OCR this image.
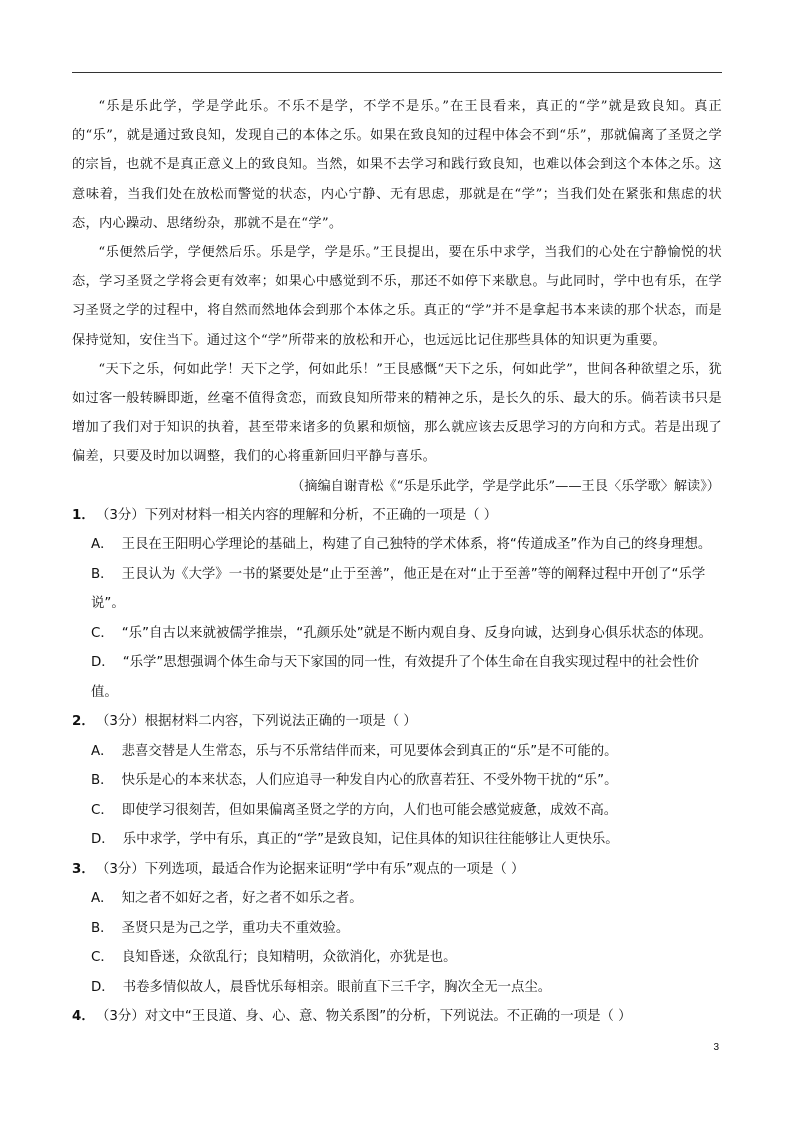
“乐是乐此学，学是学此乐。不乐不是学，不学不是乐。”在王艮看来，真正的“学”就是致良知。真正的“乐”，就是通过致良知，发现自己的本体之乐。如果在致良知的过程中体会不到“乐”，那就偏离了圣贤之学的宗旨，也就不是真正意义上的致良知。当然，如果不去学习和践行致良知，也难以体会到这个本体之乐。这意味着，当我们处在放松而警觉的状态，内心宁静、无有思虑，那就是在“学”；当我们处在紧张和焦虑的状态，内心躁动、思绪纷杂，那就不是在“学”。

“乐便然后学，学便然后乐。乐是学，学是乐。”王艮提出，要在乐中求学，当我们的心处在宁静愉悦的状态，学习圣贤之学将会更有效率；如果心中感觉到不乐，那还不如停下来歇息。与此同时，学中也有乐，在学习圣贤之学的过程中，将自然而然地体会到那个本体之乐。真正的“学”并不是拿起书本来读的那个状态，而是保持觉知，安住当下。通过这个“学”所带来的放松和开心，也远远比记住那些具体的知识更为重要。

“天下之乐，何如此学！天下之学，何如此乐！”王艮感慨“天下之乐，何如此学”，世间各种欲望之乐，犹如过客一般转瞬即逝，丝毫不值得贪恋，而致良知所带来的精神之乐，是长久的乐、最大的乐。倘若读书只是增加了我们对于知识的执着，甚至带来诸多的负累和烦恼，那么就应该去反思学习的方向和方式。若是出现了偏差，只要及时加以调整，我们的心将重新回归平静与喜乐。

（摘编自谢青松《“乐是乐此学，学是学此乐”——王艮〈乐学歌〉解读》）

1． （3分）下列对材料一相关内容的理解和分析，不正确的一项是（ ）

A． 王艮在王阳明心学理论的基础上，构建了自己独特的学术体系，将“传道成圣”作为自己的终身理想。

B． 王艮认为《大学》一书的紧要处是“止于至善”，他正是在对“止于至善”等的阐释过程中开创了“乐学说”。

C． “乐”自古以来就被儒学推崇，“孔颜乐处”就是不断内观自身、反身向诚，达到身心俱乐状态的体现。

D． “乐学”思想强调个体生命与天下家国的同一性，有效提升了个体生命在自我实现过程中的社会性价值。

2． （3分）根据材料二内容，下列说法正确的一项是（ ）

A． 悲喜交替是人生常态，乐与不乐常结伴而来，可见要体会到真正的“乐”是不可能的。

B． 快乐是心的本来状态，人们应追寻一种发自内心的欣喜若狂、不受外物干扰的“乐”。

C． 即使学习很刻苦，但如果偏离圣贤之学的方向，人们也可能会感觉疲惫，成效不高。

D． 乐中求学，学中有乐，真正的“学”是致良知，记住具体的知识往往能够让人更快乐。

3． （3分）下列选项，最适合作为论据来证明“学中有乐”观点的一项是（ ）

A． 知之者不如好之者，好之者不如乐之者。

B． 圣贤只是为己之学，重功夫不重效验。

C． 良知昏迷，众欲乱行；良知精明，众欲消化，亦犹是也。

D． 书卷多情似故人，晨昏忧乐每相亲。眼前直下三千字，胸次全无一点尘。

4． （3分）对文中“王艮道、身、心、意、物关系图”的分析，下列说法。不正确的一项是（ ）

3
